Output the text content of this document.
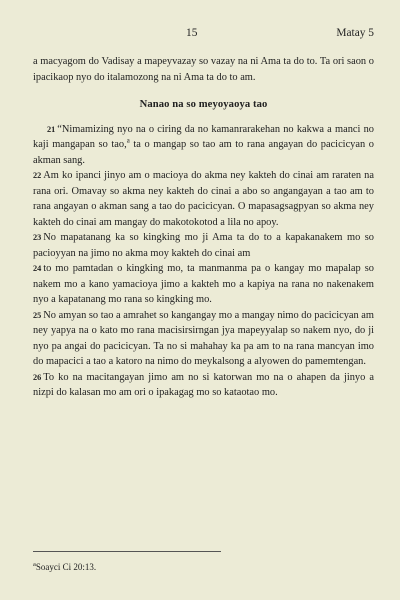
15	Matay 5

a macyagom do Vadisay a mapeyvazay so vazay na ni Ama ta do to. Ta ori saon o ipacikaop nyo do italamozong na ni Ama ta do to am.

Nanao na so meyoyaoya tao

21 “Nimamizing nyo na o ciring da no kamanrarakehan no kakwa a manci no kaji mangapan so tao,$^a$ ta o mangap so tao am to rana angayan do pacicicyan o akman sang.

22 Am ko ipanci jinyo am o macioya do akma ney kakteh do cinai am raraten na rana ori. Omavay so akma ney kakteh do cinai a abo so angangayan a tao am to rana angayan o akman sang a tao do pacicicyan. O mapasagsagpyan so akma ney kakteh do cinai am mangay do makotokotod a lila no apoy.

23 No mapatanang ka so kingking mo ji Ama ta do to a kapakanakem mo so pacioyyan na jimo no akma moy kakteh do cinai am

24 to mo pamtadan o kingking mo, ta manmanma pa o kangay mo mapalap so nakem mo a kano yamacioya jimo a kakteh mo a kapiya na rana no nakenakem nyo a kapatanang mo rana so kingking mo.

25 No amyan so tao a amrahet so kangangay mo a mangay nimo do pacicicyan am ney yapya na o kato mo rana macisirsirngan jya mapeyyalap so nakem nyo, do ji nyo pa angai do pacicicyan. Ta no si mahahay ka pa am to na rana mancyan imo do mapacici a tao a katoro na nimo do meykalsong a alyowen do pamemtengan.

26 To ko na macitangayan jimo am no si katorwan mo na o ahapen da jinyo a nizpi do kalasan mo am ori o ipakagag mo so kataotao mo.

$^a$Soayci Ci 20:13.
